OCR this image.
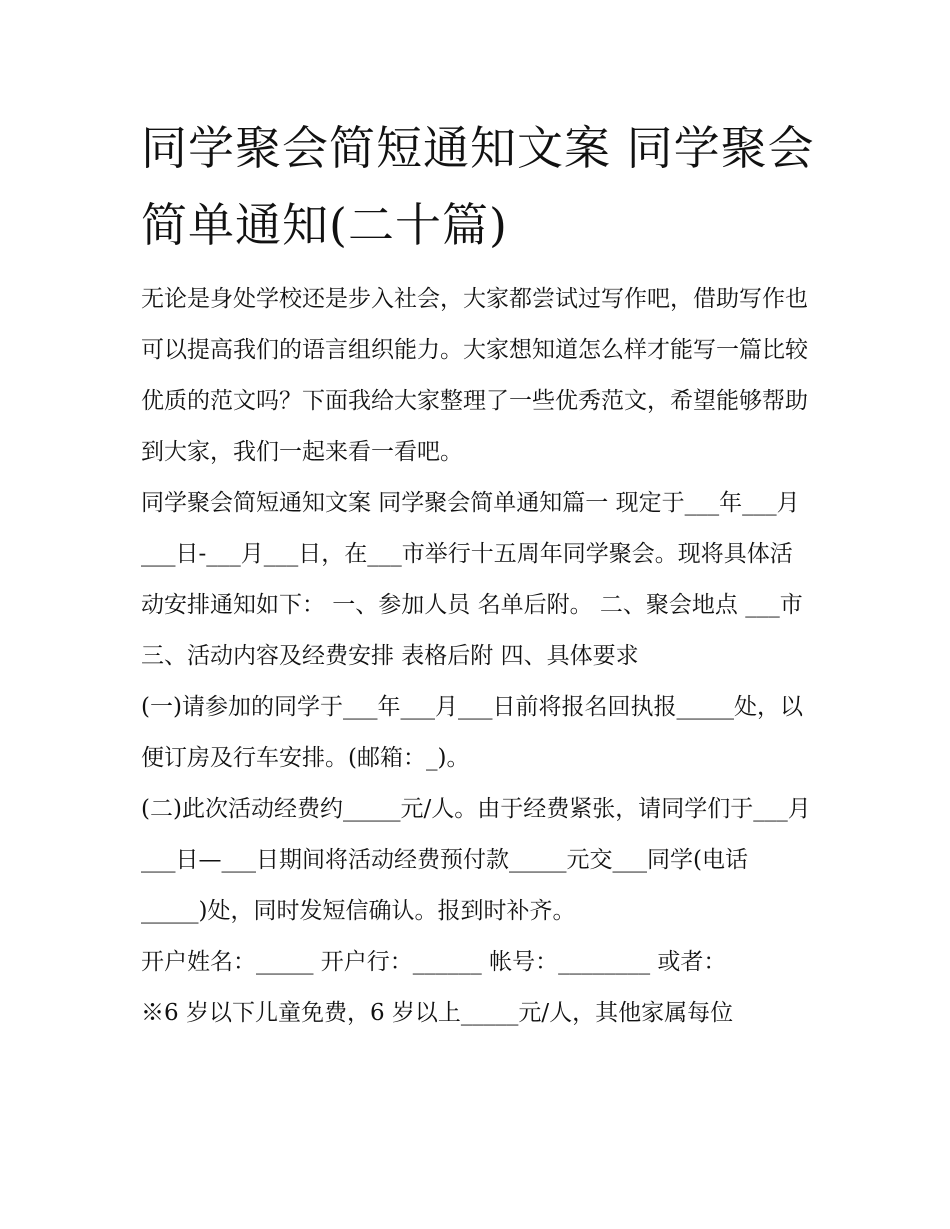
同学聚会简短通知文案 同学聚会简单通知(二十篇)

无论是身处学校还是步入社会，大家都尝试过写作吧，借助写作也可以提高我们的语言组织能力。大家想知道怎么样才能写一篇比较优质的范文吗？下面我给大家整理了一些优秀范文，希望能够帮助到大家，我们一起来看一看吧。

同学聚会简短通知文案 同学聚会简单通知篇一 现定于___年___月___日-___月___日，在___市举行十五周年同学聚会。现将具体活动安排通知如下： 一、参加人员 名单后附。 二、聚会地点 ___市 三、活动内容及经费安排 表格后附 四、具体要求

(一)请参加的同学于___年___月___日前将报名回执报_____处，以便订房及行车安排。(邮箱：_)。

(二)此次活动经费约_____元/人。由于经费紧张，请同学们于___月___日—___日期间将活动经费预付款_____元交___同学(电话_____)处，同时发短信确认。报到时补齐。

开户姓名：_____ 开户行：______ 帐号：________ 或者：

※6 岁以下儿童免费，6 岁以上_____元/人，其他家属每位
